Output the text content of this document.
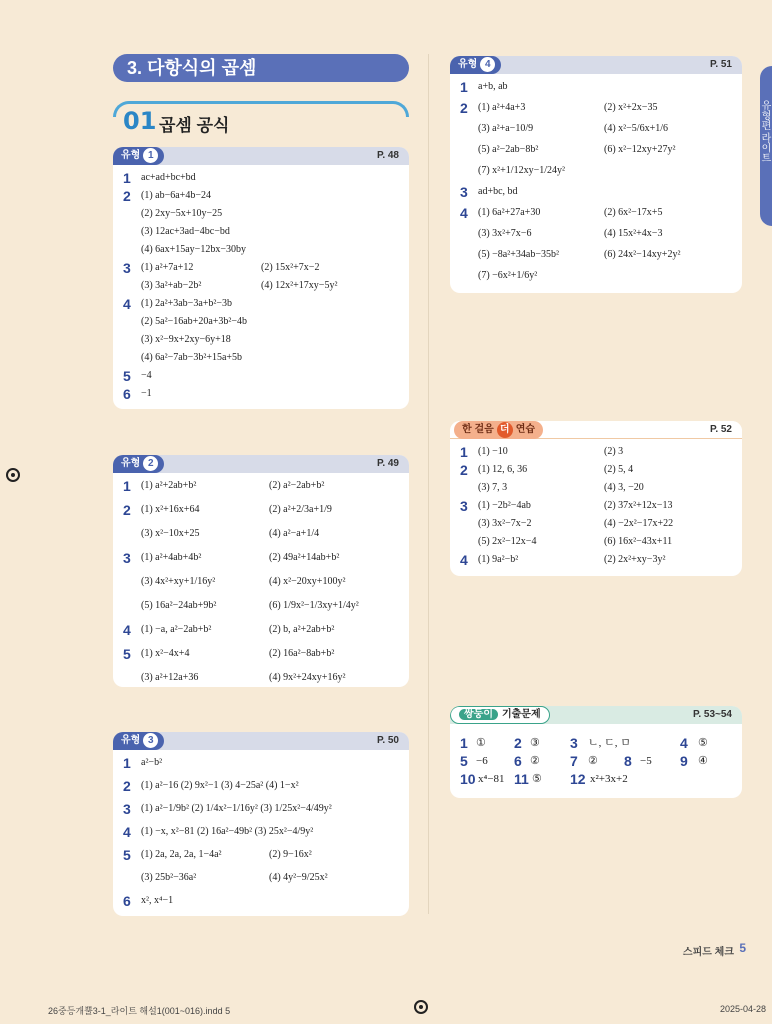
유형편 라이트
3. 다항식의 곱셈
01 곱셈 공식
유형 1	P. 48
1 ac+ad+bc+bd
2 (1) ab−6a+4b−24
(2) 2xy−5x+10y−25
(3) 12ac+3ad−4bc−bd
(4) 6ax+15ay−12bx−30by
3 (1) a²+7a+12	(2) 15x²+7x−2
(3) 3a²+ab−2b²	(4) 12x²+17xy−5y²
4 (1) 2a²+3ab−3a+b²−3b
(2) 5a²−16ab+20a+3b²−4b
(3) x²−9x+2xy−6y+18
(4) 6a²−7ab−3b²+15a+5b
5 −4
6 −1
유형 2	P. 49
1 (1) a²+2ab+b²	(2) a²−2ab+b²
2 (1) x²+16x+64	(2) a²+2/3a+1/9
(3) x²−10x+25	(4) a²−a+1/4
3 (1) a²+4ab+4b²	(2) 49a²+14ab+b²
(3) 4x²+xy+1/16y²	(4) x²−20xy+100y²
(5) 16a²−24ab+9b²	(6) 1/9x²−1/3xy+1/4y²
4 (1) −a, a²−2ab+b²	(2) b, a²+2ab+b²
5 (1) x²−4x+4	(2) 16a²−8ab+b²
(3) a²+12a+36	(4) 9x²+24xy+16y²
유형 3	P. 50
1 a²−b²
2 (1) a²−16 (2) 9x²−1 (3) 4−25a² (4) 1−x²
3 (1) a²−1/9b² (2) 1/4x²−1/16y² (3) 1/25x²−4/49y²
4 (1) −x, x²−81 (2) 16a²−49b² (3) 25x²−4/9y²
5 (1) 2a, 2a, 2a, 1−4a²	(2) 9−16x²
(3) 25b²−36a²	(4) 4y²−9/25x²
6 x², x⁴−1
유형 4	P. 51
1 a+b, ab
2 (1) a²+4a+3	(2) x²+2x−35
(3) a²+a−10/9	(4) x²−5/6x+1/6
(5) a²−2ab−8b²	(6) x²−12xy+27y²
(7) x²+1/12xy−1/24y²
3 ad+bc, bd
4 (1) 6a²+27a+30	(2) 6x²−17x+5
(3) 3x²+7x−6	(4) 15x²+4x−3
(5) −8a²+34ab−35b²	(6) 24x²−14xy+2y²
(7) −6x²+1/6y²
한 걸음 더 연습	P. 52
1 (1) −10	(2) 3
2 (1) 12, 6, 36	(2) 5, 4
(3) 7, 3	(4) 3, −20
3 (1) −2b²−4ab	(2) 37x²+12x−13
(3) 3x²−7x−2	(4) −2x²−17x+22
(5) 2x²−12x−4	(6) 16x²−43x+11
4 (1) 9a²−b²	(2) 2x²+xy−3y²
쌍둥이 기출문제	P. 53~54
1 ① 2 ③ 3 ㄴ, ㄷ, ㅁ	4 ⑤
5 −6 6 ② 7 ② 8 −5 9 ④
10 x⁴−81 11 ⑤ 12 x²+3x+2
스피드 체크 5
26중등개뿔3-1_라이트 해설1(001~016).indd 5	2025-04-28
